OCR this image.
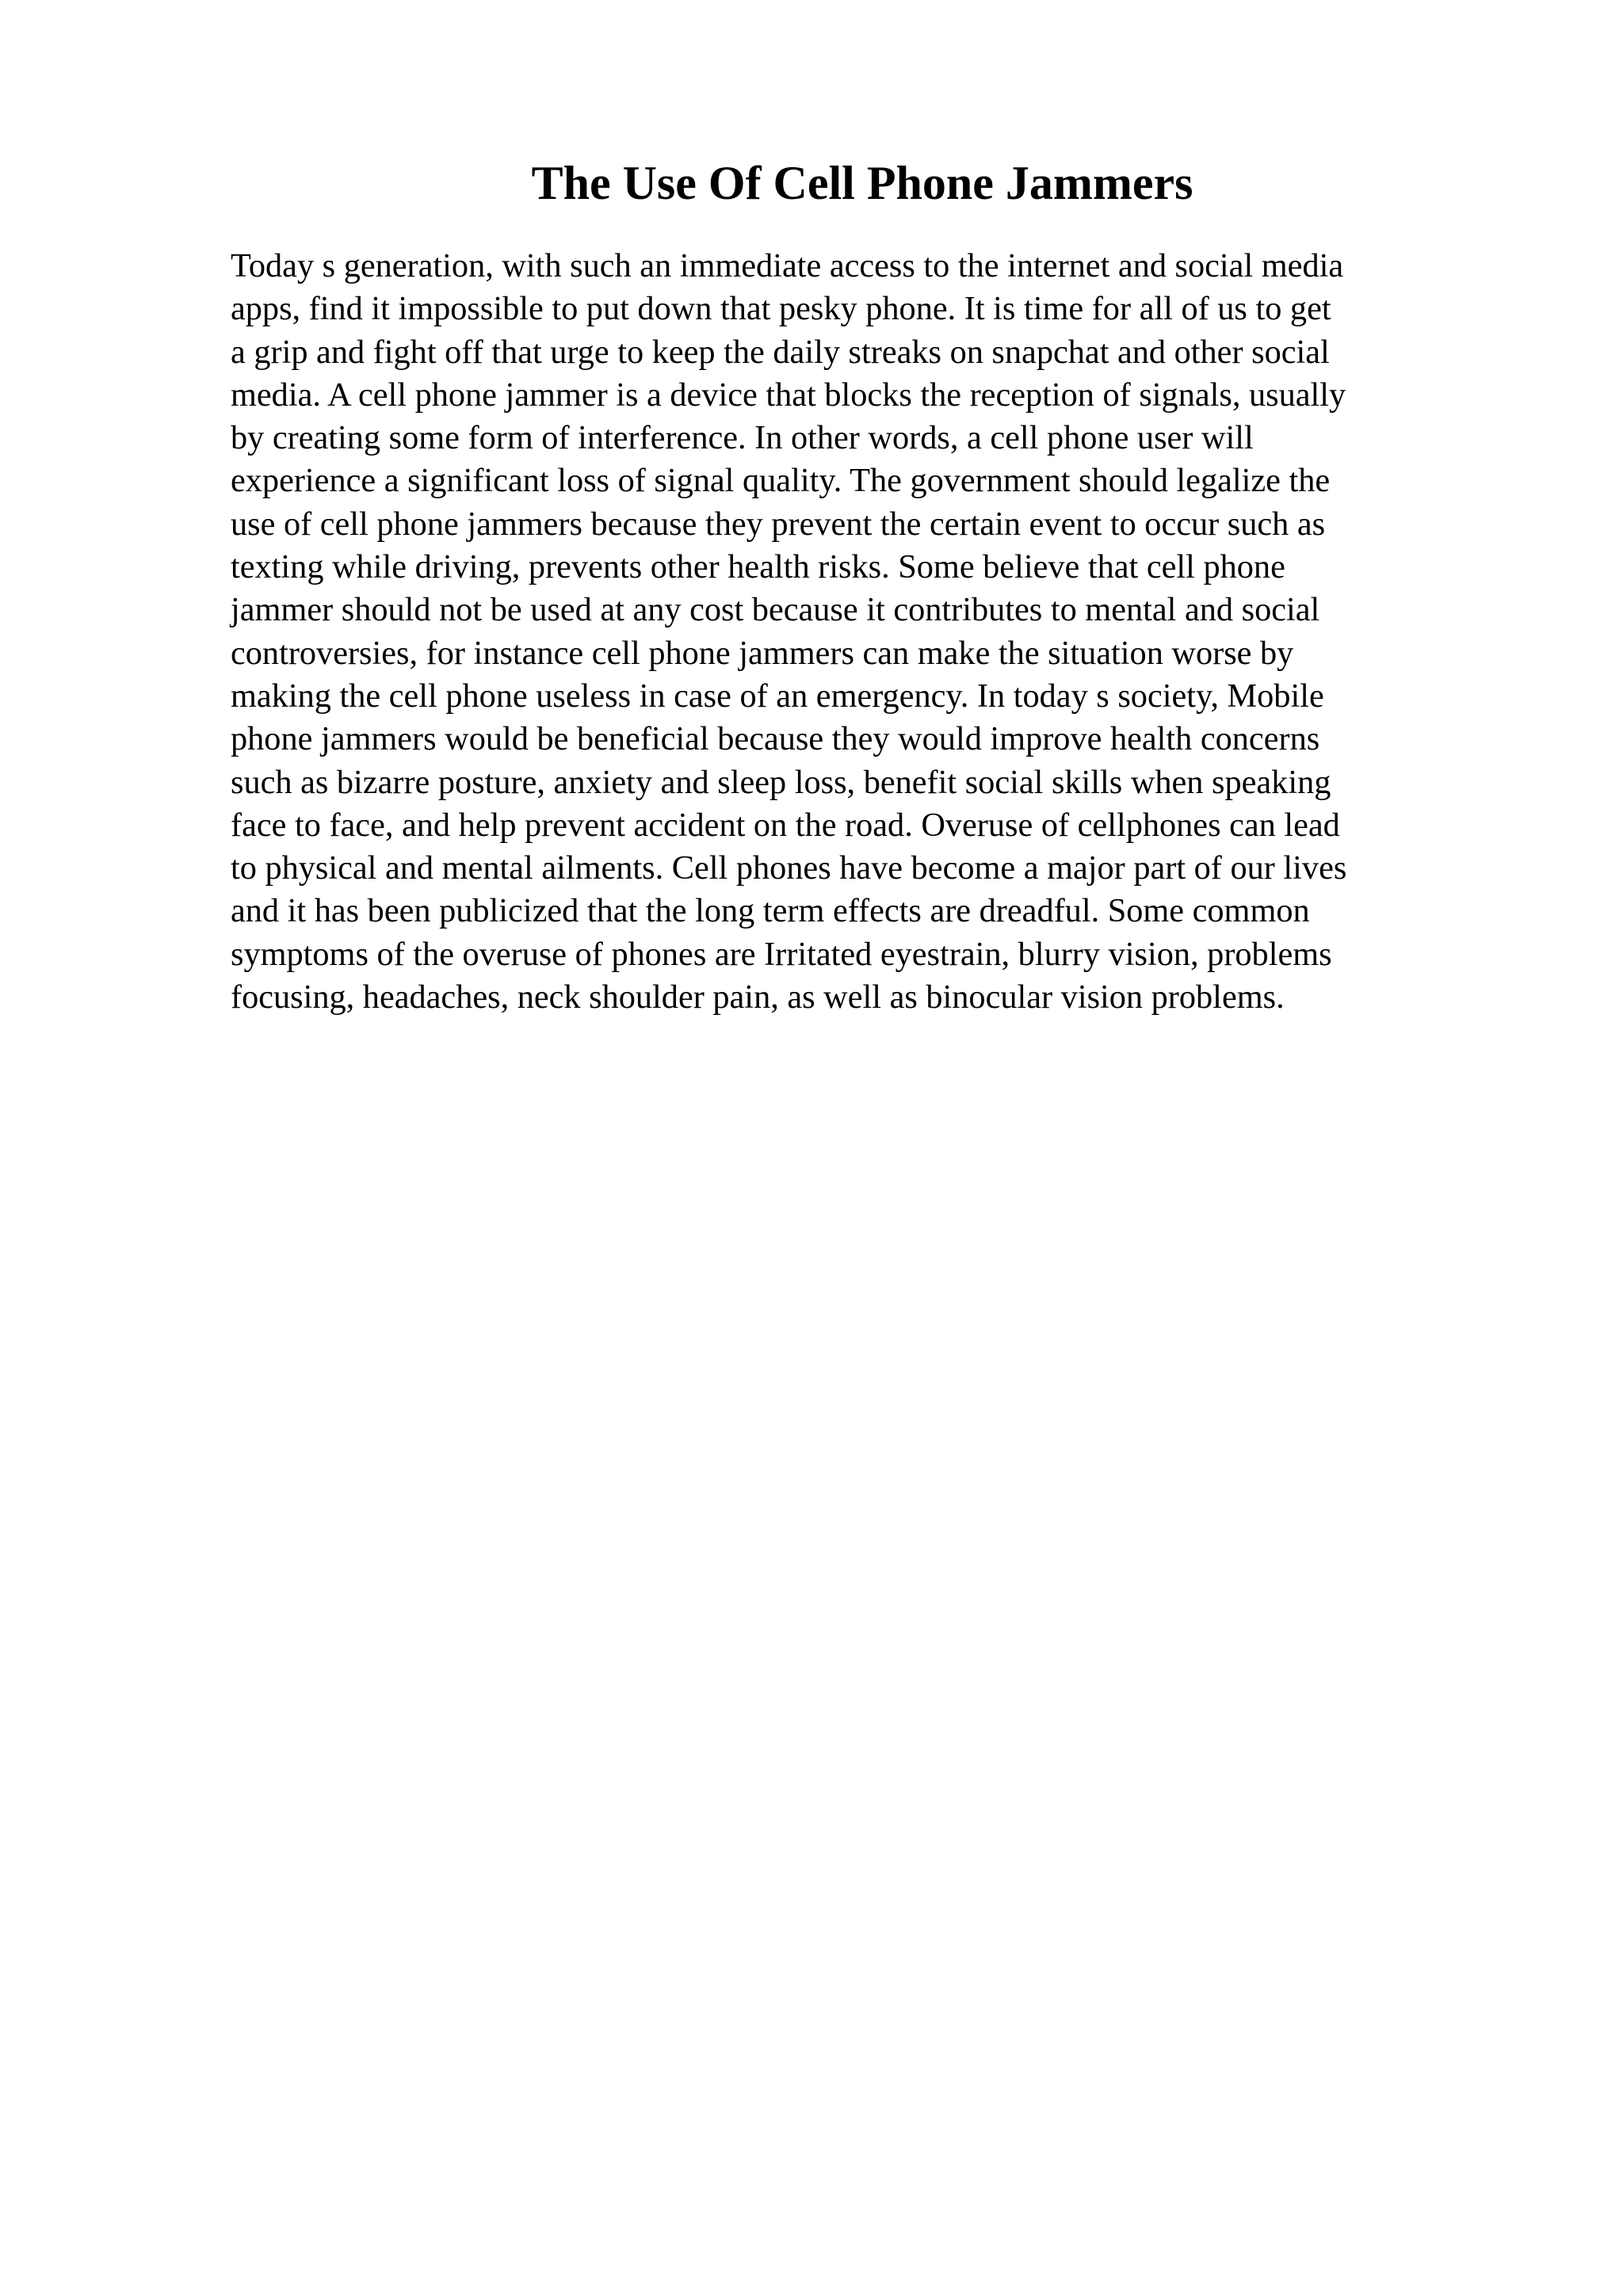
The Use Of Cell Phone Jammers
Today s generation, with such an immediate access to the internet and social media
apps, find it impossible to put down that pesky phone. It is time for all of us to get
a grip and fight off that urge to keep the daily streaks on snapchat and other social
media. A cell phone jammer is a device that blocks the reception of signals, usually
by creating some form of interference. In other words, a cell phone user will
experience a significant loss of signal quality. The government should legalize the
use of cell phone jammers because they prevent the certain event to occur such as
texting while driving, prevents other health risks. Some believe that cell phone
jammer should not be used at any cost because it contributes to mental and social
controversies, for instance cell phone jammers can make the situation worse by
making the cell phone useless in case of an emergency. In today s society, Mobile
phone jammers would be beneficial because they would improve health concerns
such as bizarre posture, anxiety and sleep loss, benefit social skills when speaking
face to face, and help prevent accident on the road. Overuse of cellphones can lead
to physical and mental ailments. Cell phones have become a major part of our lives
and it has been publicized that the long term effects are dreadful. Some common
symptoms of the overuse of phones are Irritated eyestrain, blurry vision, problems
focusing, headaches, neck shoulder pain, as well as binocular vision problems.
